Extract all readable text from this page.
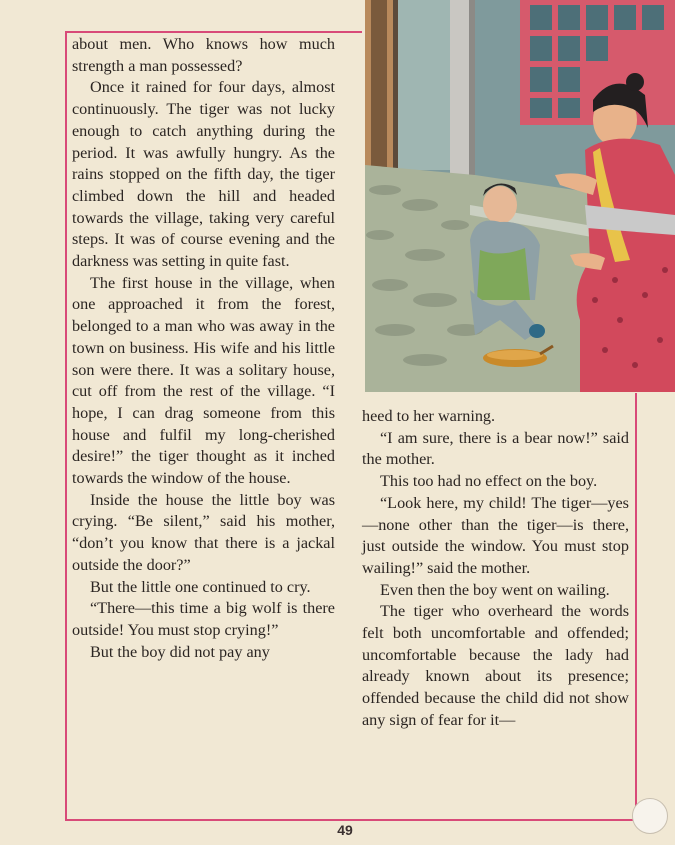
about men. Who knows how much strength a man possessed?

Once it rained for four days, almost continuously. The tiger was not lucky enough to catch anything during the period. It was awfully hungry. As the rains stopped on the fifth day, the tiger climbed down the hill and headed towards the village, taking very careful steps. It was of course evening and the darkness was setting in quite fast.

The first house in the village, when one approached it from the forest, belonged to a man who was away in the town on business. His wife and his little son were there. It was a solitary house, cut off from the rest of the village. “I hope, I can drag someone from this house and fulfil my long-cherished desire!” the tiger thought as it inched towards the window of the house.

Inside the house the little boy was crying. “Be silent,” said his mother, “don’t you know that there is a jackal outside the door?”

But the little one continued to cry.

“There—this time a big wolf is there outside! You must stop crying!”

But the boy did not pay any

heed to her warning.

“I am sure, there is a bear now!” said the mother.

This too had no effect on the boy.

“Look here, my child! The tiger—yes—none other than the tiger—is there, just outside the window. You must stop wailing!” said the mother.

Even then the boy went on wailing.

The tiger who overheard the words felt both uncomfortable and offended; uncomfortable because the lady had already known about its presence; offended because the child did not show any sign of fear for it—

49
